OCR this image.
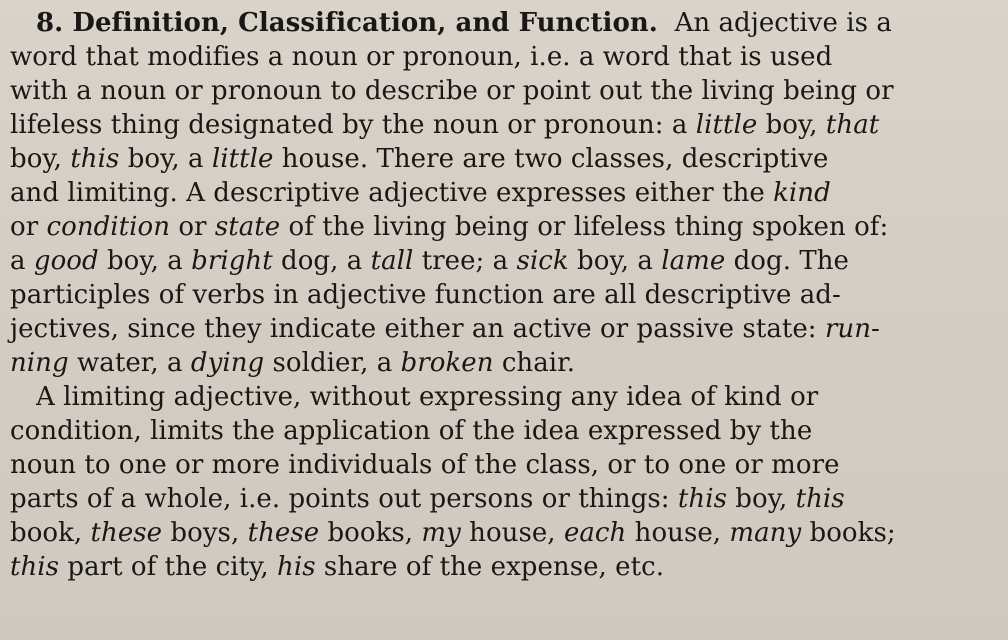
8. Definition, Classification, and Function. An adjective is a
word that modifies a noun or pronoun, i.e. a word that is used
with a noun or pronoun to describe or point out the living being or
lifeless thing designated by the noun or pronoun: a little boy, that
boy, this boy, a little house. There are two classes, descriptive
and limiting. A descriptive adjective expresses either the kind
or condition or state of the living being or lifeless thing spoken of:
a good boy, a bright dog, a tall tree; a sick boy, a lame dog. The
participles of verbs in adjective function are all descriptive ad-
jectives, since they indicate either an active or passive state: run-
ning water, a dying soldier, a broken chair.
A limiting adjective, without expressing any idea of kind or
condition, limits the application of the idea expressed by the
noun to one or more individuals of the class, or to one or more
parts of a whole, i.e. points out persons or things: this boy, this
book, these boys, these books, my house, each house, many books;
this part of the city, his share of the expense, etc.
